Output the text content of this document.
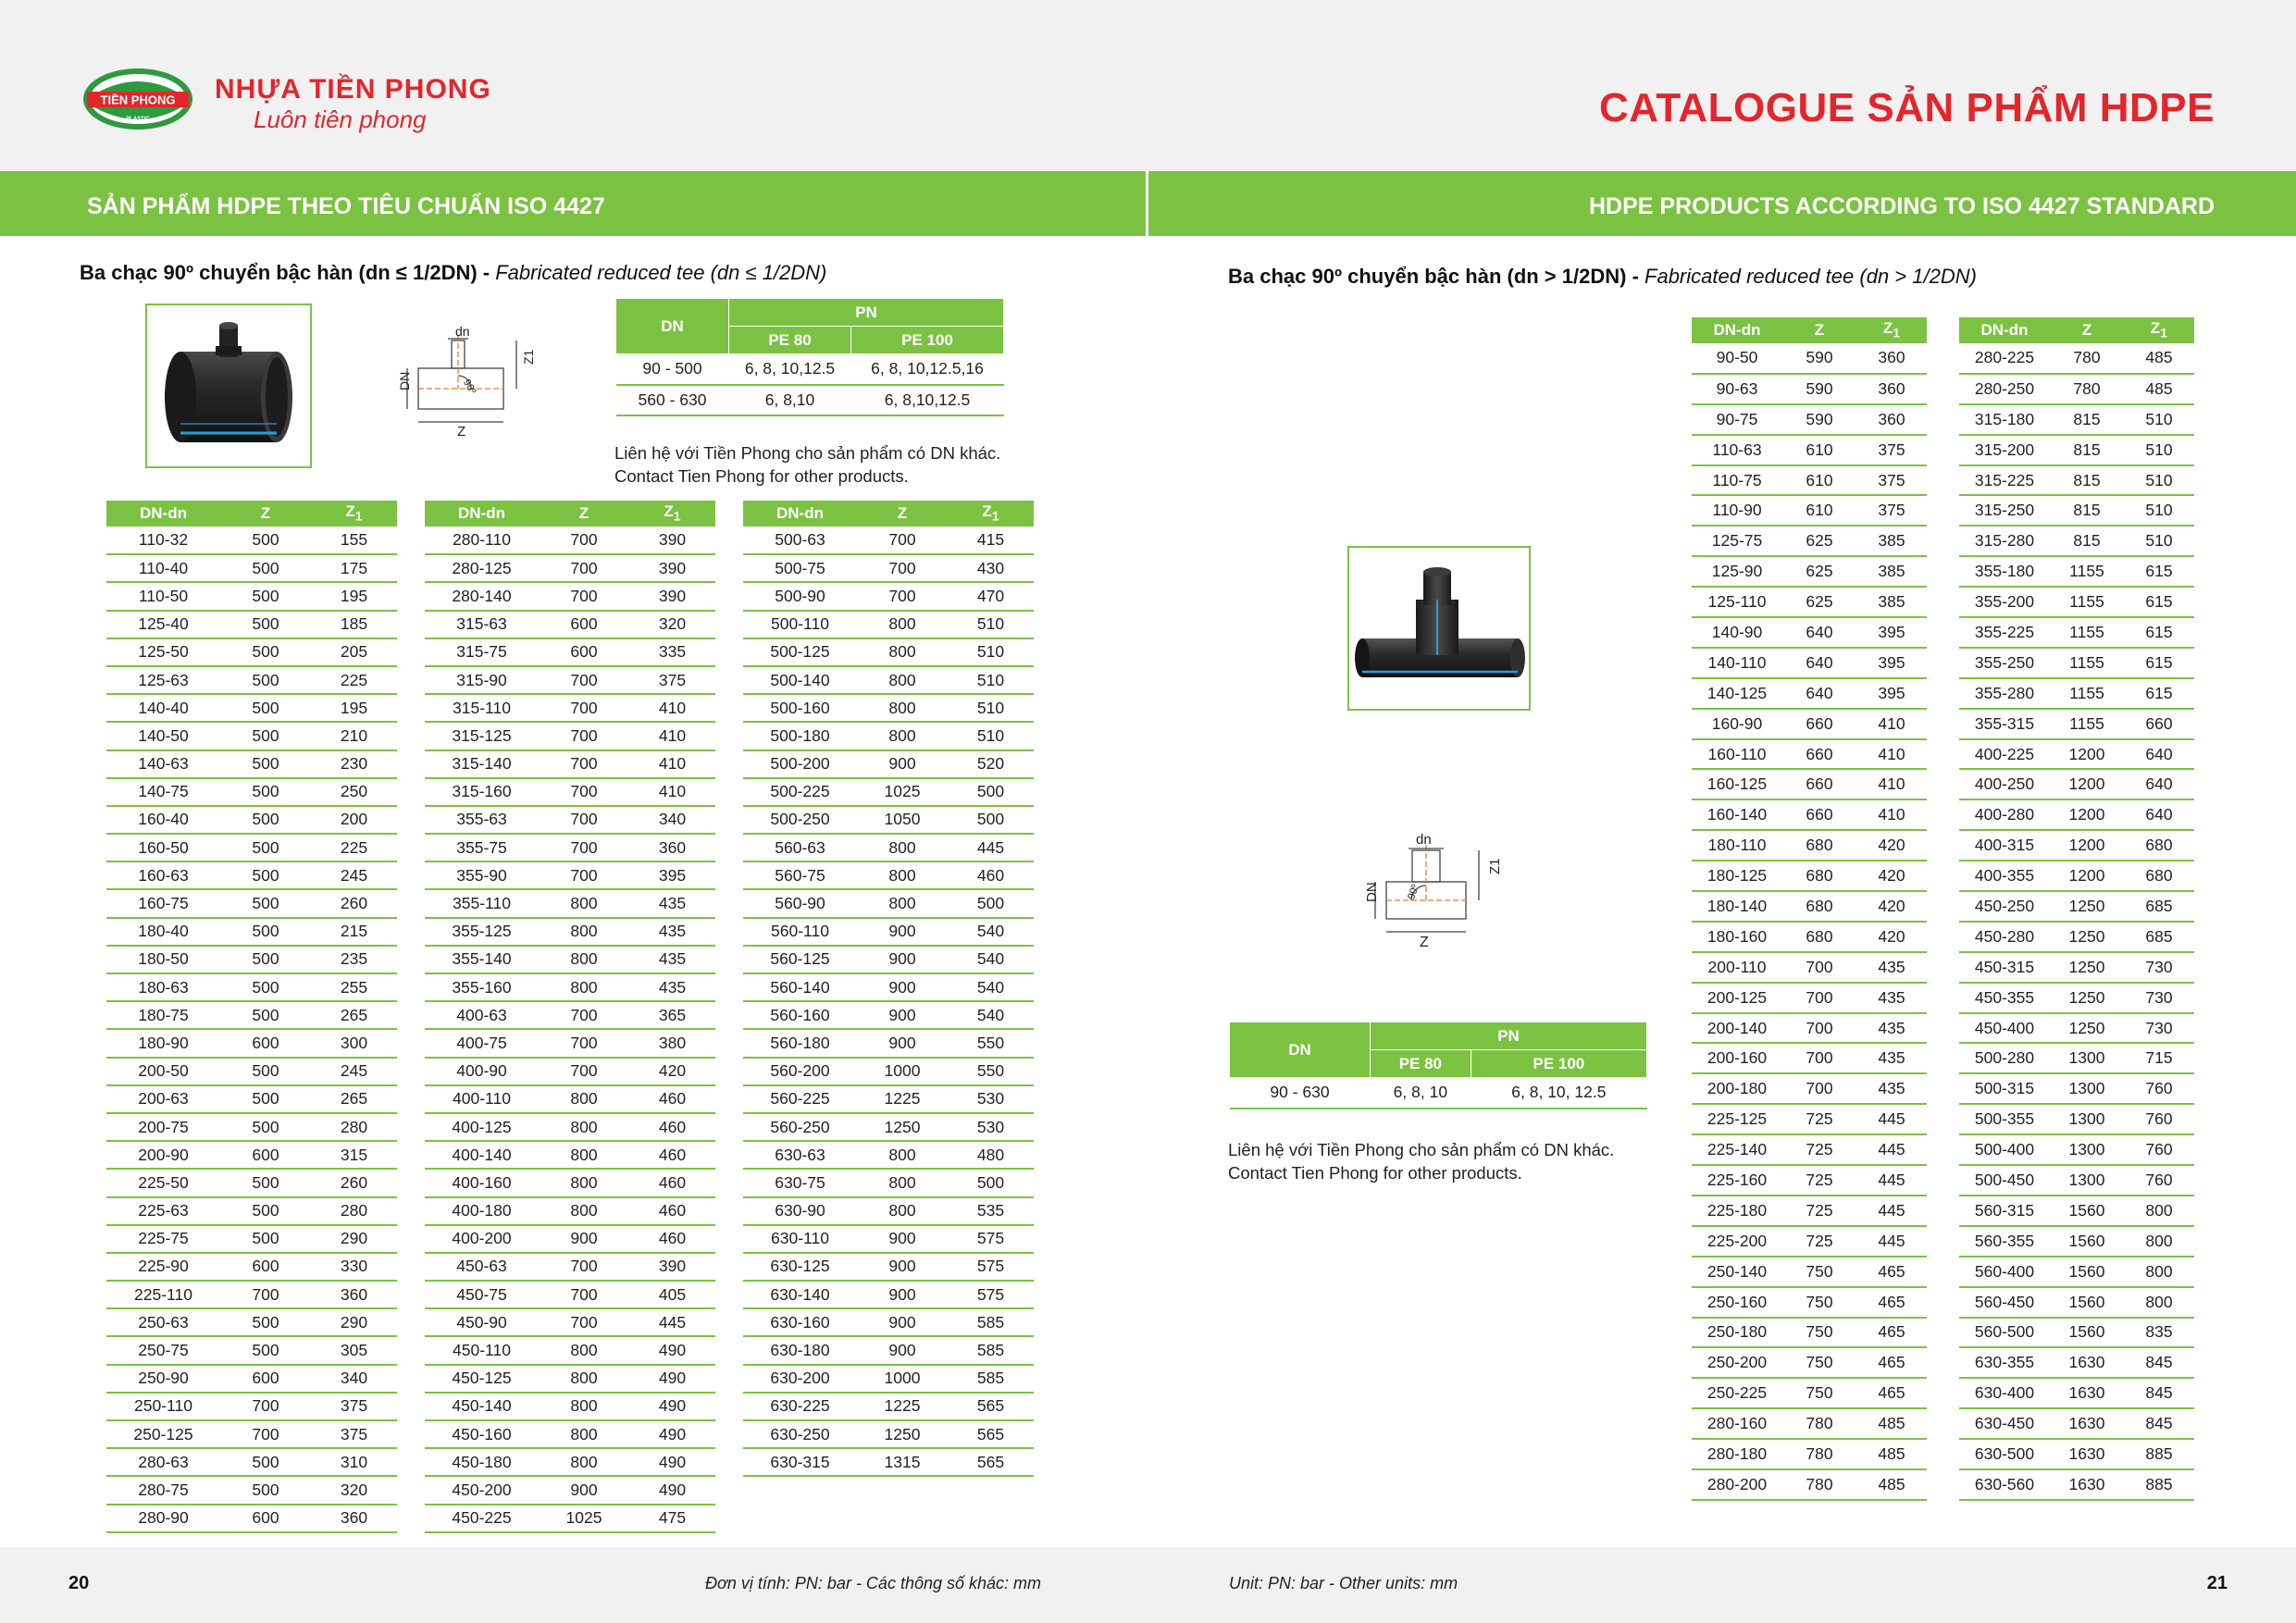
TIỀN PHONG
PLASTIC
NHỰA TIỀN PHONG
Luôn tiên phong	CATALOGUE SẢN PHẨM HDPE
SẢN PHẨM HDPE THEO TIÊU CHUẨN ISO 4427	HDPE PRODUCTS ACCORDING TO ISO 4427 STANDARD
Ba chạc 90º chuyển bậc hàn (dn ≤ 1/2DN) - Fabricated reduced tee (dn ≤ 1/2DN)
dn
90º
DN
Z
Z1
DN	PN	
	PE 80	PE 100
90 - 500	6, 8, 10,12.5	6, 8, 10,12.5,16
560 - 630	6, 8,10	6, 8,10,12.5
Liên hệ với Tiền Phong cho sản phẩm có DN khác.
Contact Tien Phong for other products.
DN-dn	Z	$Z_1$		DN-dn	Z	$Z_1$		DN-dn	Z	$Z_1$
110-32	500	155		280-110	700	390		500-63	700	415
110-40	500	175		280-125	700	390		500-75	700	430
110-50	500	195		280-140	700	390		500-90	700	470
125-40	500	185		315-63	600	320		500-110	800	510
125-50	500	205		315-75	600	335		500-125	800	510
125-63	500	225		315-90	700	375		500-140	800	510
140-40	500	195		315-110	700	410		500-160	800	510
140-50	500	210		315-125	700	410		500-180	800	510
140-63	500	230		315-140	700	410		500-200	900	520
140-75	500	250		315-160	700	410		500-225	1025	500
160-40	500	200		355-63	700	340		500-250	1050	500
160-50	500	225		355-75	700	360		560-63	800	445
160-63	500	245		355-90	700	395		560-75	800	460
160-75	500	260		355-110	800	435		560-90	800	500
180-40	500	215		355-125	800	435		560-110	900	540
180-50	500	235		355-140	800	435		560-125	900	540
180-63	500	255		355-160	800	435		560-140	900	540
180-75	500	265		400-63	700	365		560-160	900	540
180-90	600	300		400-75	700	380		560-180	900	550
200-50	500	245		400-90	700	420		560-200	1000	550
200-63	500	265		400-110	800	460		560-225	1225	530
200-75	500	280		400-125	800	460		560-250	1250	530
200-90	600	315		400-140	800	460		630-63	800	480
225-50	500	260		400-160	800	460		630-75	800	500
225-63	500	280		400-180	800	460		630-90	800	535
225-75	500	290		400-200	900	460		630-110	900	575
225-90	600	330		450-63	700	390		630-125	900	575
225-110	700	360		450-75	700	405		630-140	900	575
250-63	500	290		450-90	700	445		630-160	900	585
250-75	500	305		450-110	800	490		630-180	900	585
250-90	600	340		450-125	800	490		630-200	1000	585
250-110	700	375		450-140	800	490		630-225	1225	565
250-125	700	375		450-160	800	490		630-250	1250	565
280-63	500	310		450-180	800	490		630-315	1315	565
280-75	500	320		450-200	900	490				
280-90	600	360		450-225	1025	475				
Ba chạc 90º chuyển bậc hàn (dn > 1/2DN) - Fabricated reduced tee (dn > 1/2DN)
dn
90º
DN
Z
Z1
DN	PN	
	PE 80	PE 100
90 - 630	6, 8, 10	6, 8, 10, 12.5
Liên hệ với Tiền Phong cho sản phẩm có DN khác.
Contact Tien Phong for other products.
DN-dn	Z	$Z_1$		DN-dn	Z	$Z_1$
90-50	590	360		280-225	780	485
90-63	590	360		280-250	780	485
90-75	590	360		315-180	815	510
110-63	610	375		315-200	815	510
110-75	610	375		315-225	815	510
110-90	610	375		315-250	815	510
125-75	625	385		315-280	815	510
125-90	625	385		355-180	1155	615
125-110	625	385		355-200	1155	615
140-90	640	395		355-225	1155	615
140-110	640	395		355-250	1155	615
140-125	640	395		355-280	1155	615
160-90	660	410		355-315	1155	660
160-110	660	410		400-225	1200	640
160-125	660	410		400-250	1200	640
160-140	660	410		400-280	1200	640
180-110	680	420		400-315	1200	680
180-125	680	420		400-355	1200	680
180-140	680	420		450-250	1250	685
180-160	680	420		450-280	1250	685
200-110	700	435		450-315	1250	730
200-125	700	435		450-355	1250	730
200-140	700	435		450-400	1250	730
200-160	700	435		500-280	1300	715
200-180	700	435		500-315	1300	760
225-125	725	445		500-355	1300	760
225-140	725	445		500-400	1300	760
225-160	725	445		500-450	1300	760
225-180	725	445		560-315	1560	800
225-200	725	445		560-355	1560	800
250-140	750	465		560-400	1560	800
250-160	750	465		560-450	1560	800
250-180	750	465		560-500	1560	835
250-200	750	465		630-355	1630	845
250-225	750	465		630-400	1630	845
280-160	780	485		630-450	1630	845
280-180	780	485		630-500	1630	885
280-200	780	485		630-560	1630	885
20	Đơn vị tính: PN: bar - Các thông số khác: mm	Unit: PN: bar - Other units: mm	21
